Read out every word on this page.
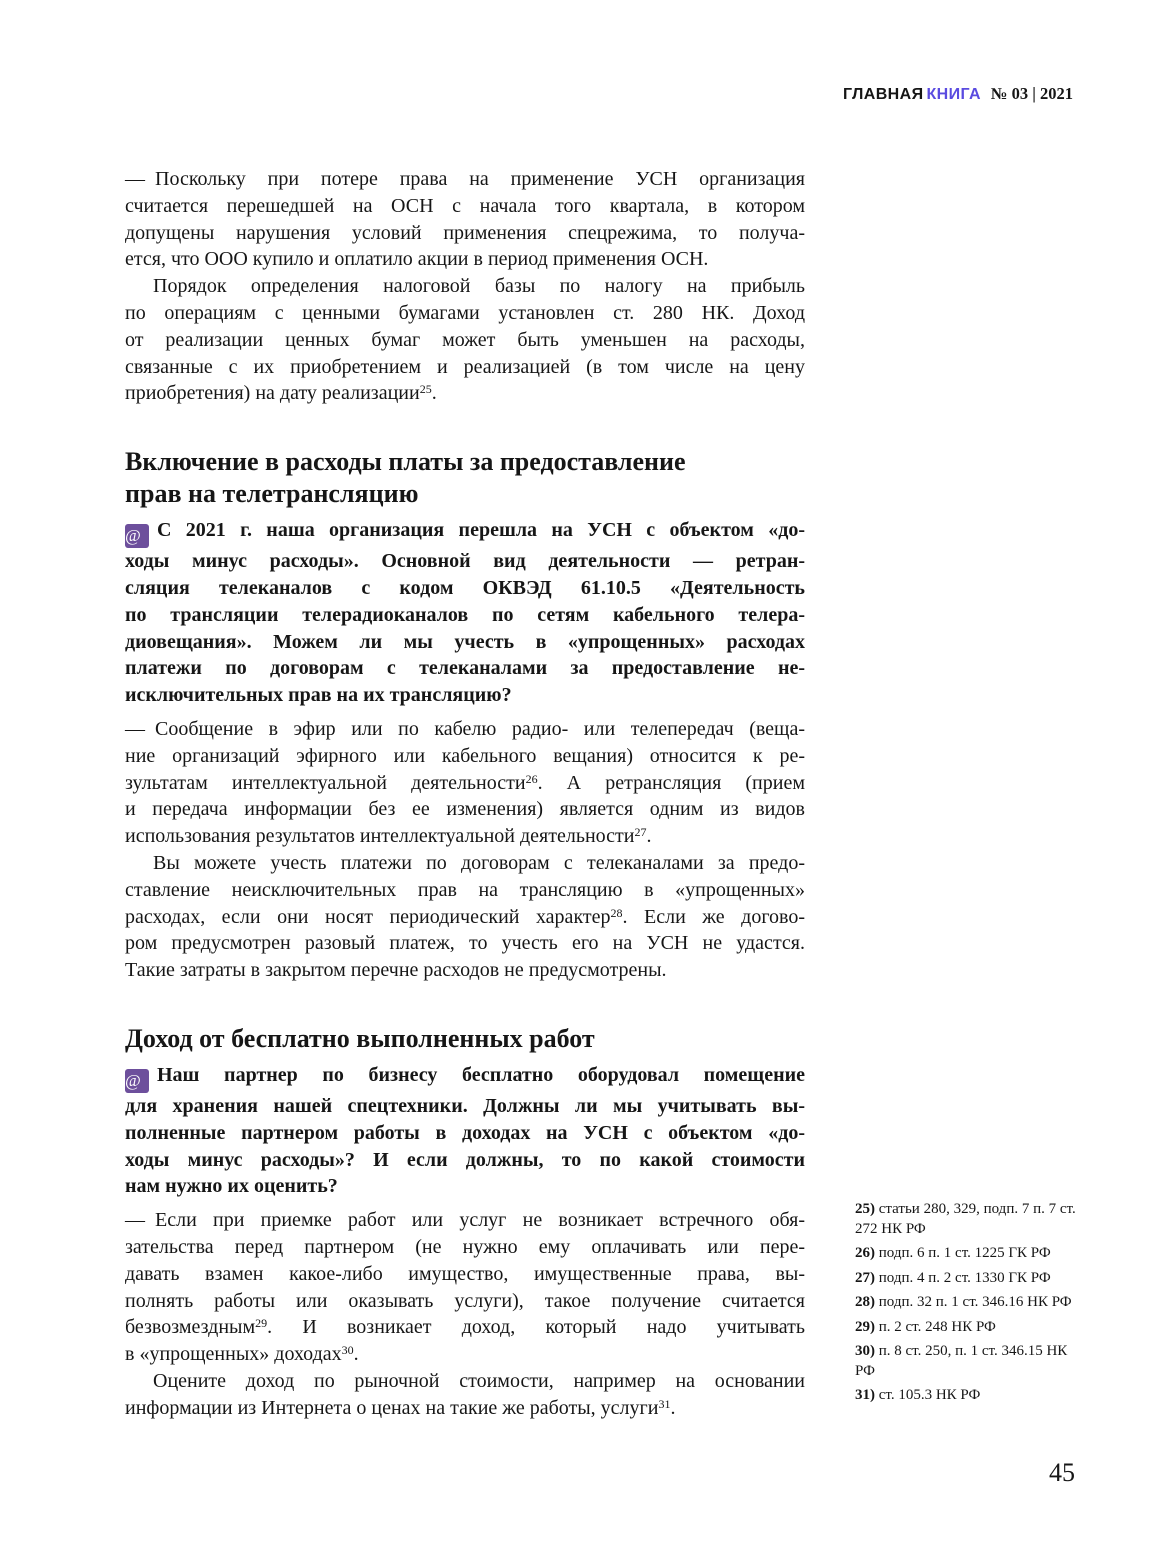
ГЛАВНАЯ КНИГА № 03 | 2021
— Поскольку при потере права на применение УСН организация
считается перешедшей на ОСН с начала того квартала, в котором
допущены нарушения условий применения спецрежима, то получа-
ется, что ООО купило и оплатило акции в период применения ОСН.
Порядок определения налоговой базы по налогу на прибыль
по операциям с ценными бумагами установлен ст. 280 НК. Доход
от реализации ценных бумаг может быть уменьшен на расходы,
связанные с их приобретением и реализацией (в том числе на цену
приобретения) на дату реализации$^{25}$.
Включение в расходы платы за предоставление
прав на телетрансляцию
@ С 2021 г. наша организация перешла на УСН с объектом «до-
ходы минус расходы». Основной вид деятельности — ретран-
сляция телеканалов с кодом ОКВЭД 61.10.5 «Деятельность
по трансляции телерадиоканалов по сетям кабельного телера-
диовещания». Можем ли мы учесть в «упрощенных» расходах
платежи по договорам с телеканалами за предоставление не-
исключительных прав на их трансляцию?
— Сообщение в эфир или по кабелю радио- или телепередач (веща-
ние организаций эфирного или кабельного вещания) относится к ре-
зультатам интеллектуальной деятельности$^{26}$. А ретрансляция (прием
и передача информации без ее изменения) является одним из видов
использования результатов интеллектуальной деятельности$^{27}$.
Вы можете учесть платежи по договорам с телеканалами за предо-
ставление неисключительных прав на трансляцию в «упрощенных»
расходах, если они носят периодический характер$^{28}$. Если же догово-
ром предусмотрен разовый платеж, то учесть его на УСН не удастся.
Такие затраты в закрытом перечне расходов не предусмотрены.
Доход от бесплатно выполненных работ
@ Наш партнер по бизнесу бесплатно оборудовал помещение
для хранения нашей спецтехники. Должны ли мы учитывать вы-
полненные партнером работы в доходах на УСН с объектом «до-
ходы минус расходы»? И если должны, то по какой стоимости
нам нужно их оценить?
— Если при приемке работ или услуг не возникает встречного обя-
зательства перед партнером (не нужно ему оплачивать или пере-
давать взамен какое-либо имущество, имущественные права, вы-
полнять работы или оказывать услуги), такое получение считается
безвозмездным$^{29}$. И возникает доход, который надо учитывать
в «упрощенных» доходах$^{30}$.
Оцените доход по рыночной стоимости, например на основании
информации из Интернета о ценах на такие же работы, услуги$^{31}$.
25) статьи 280, 329, подп. 7 п. 7 ст. 272 НК РФ
26) подп. 6 п. 1 ст. 1225 ГК РФ
27) подп. 4 п. 2 ст. 1330 ГК РФ
28) подп. 32 п. 1 ст. 346.16 НК РФ
29) п. 2 ст. 248 НК РФ
30) п. 8 ст. 250, п. 1 ст. 346.15 НК РФ
31) ст. 105.3 НК РФ
45
